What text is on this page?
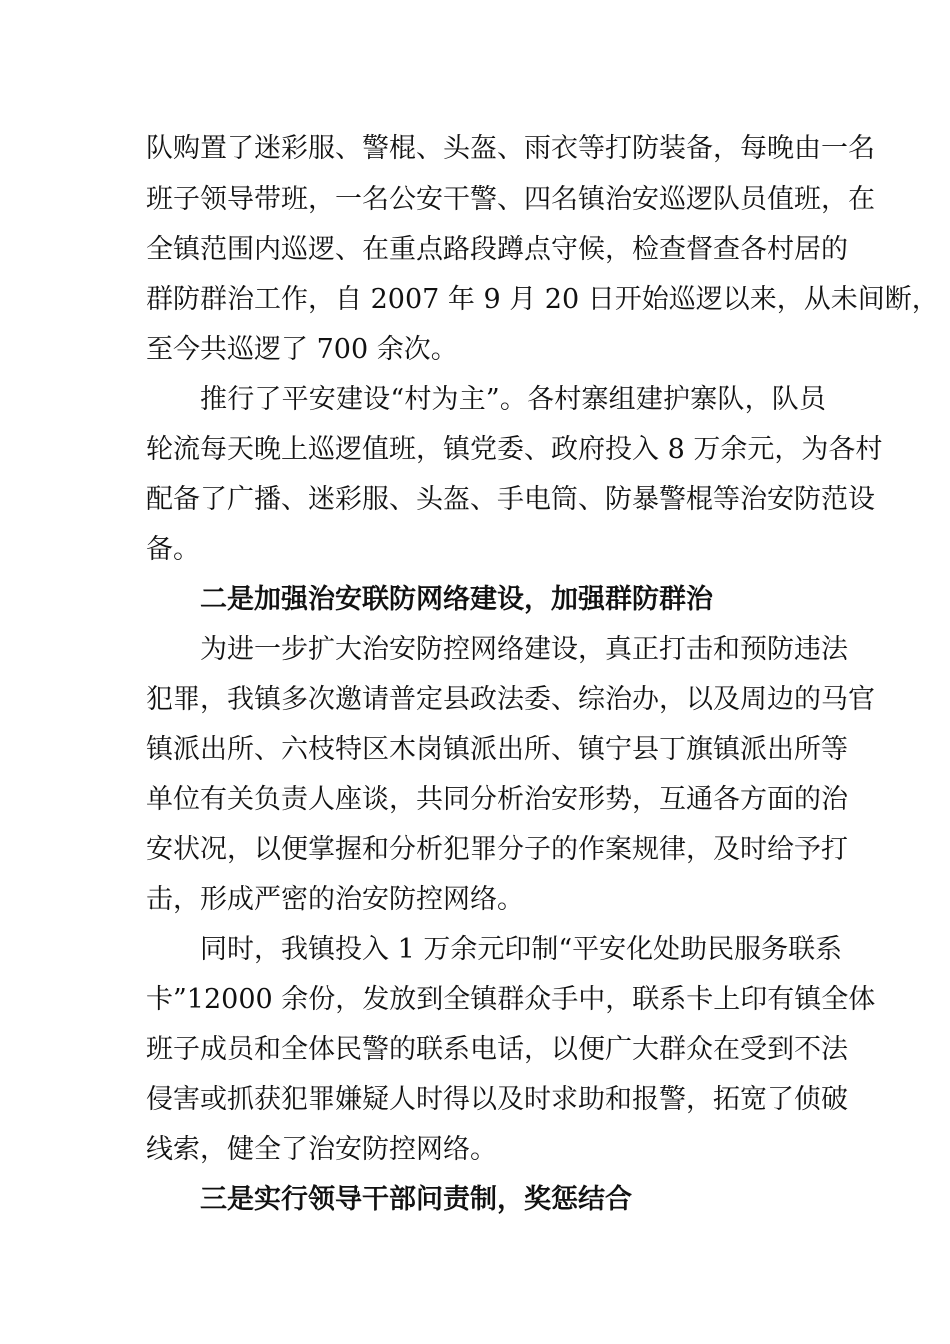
队购置了迷彩服、警棍、头盔、雨衣等打防装备，每晚由一名
班子领导带班，一名公安干警、四名镇治安巡逻队员值班，在
全镇范围内巡逻、在重点路段蹲点守候，检查督查各村居的
群防群治工作，自 2007 年 9 月 20 日开始巡逻以来，从未间断，
至今共巡逻了 700 余次。
推行了平安建设“村为主”。各村寨组建护寨队，队员
轮流每天晚上巡逻值班，镇党委、政府投入 8 万余元，为各村
配备了广播、迷彩服、头盔、手电筒、防暴警棍等治安防范设
备。
二是加强治安联防网络建设，加强群防群治
为进一步扩大治安防控网络建设，真正打击和预防违法
犯罪，我镇多次邀请普定县政法委、综治办，以及周边的马官
镇派出所、六枝特区木岗镇派出所、镇宁县丁旗镇派出所等
单位有关负责人座谈，共同分析治安形势，互通各方面的治
安状况，以便掌握和分析犯罪分子的作案规律，及时给予打
击，形成严密的治安防控网络。
同时，我镇投入 1 万余元印制“平安化处助民服务联系
卡”12000 余份，发放到全镇群众手中，联系卡上印有镇全体
班子成员和全体民警的联系电话，以便广大群众在受到不法
侵害或抓获犯罪嫌疑人时得以及时求助和报警，拓宽了侦破
线索，健全了治安防控网络。
三是实行领导干部问责制，奖惩结合
